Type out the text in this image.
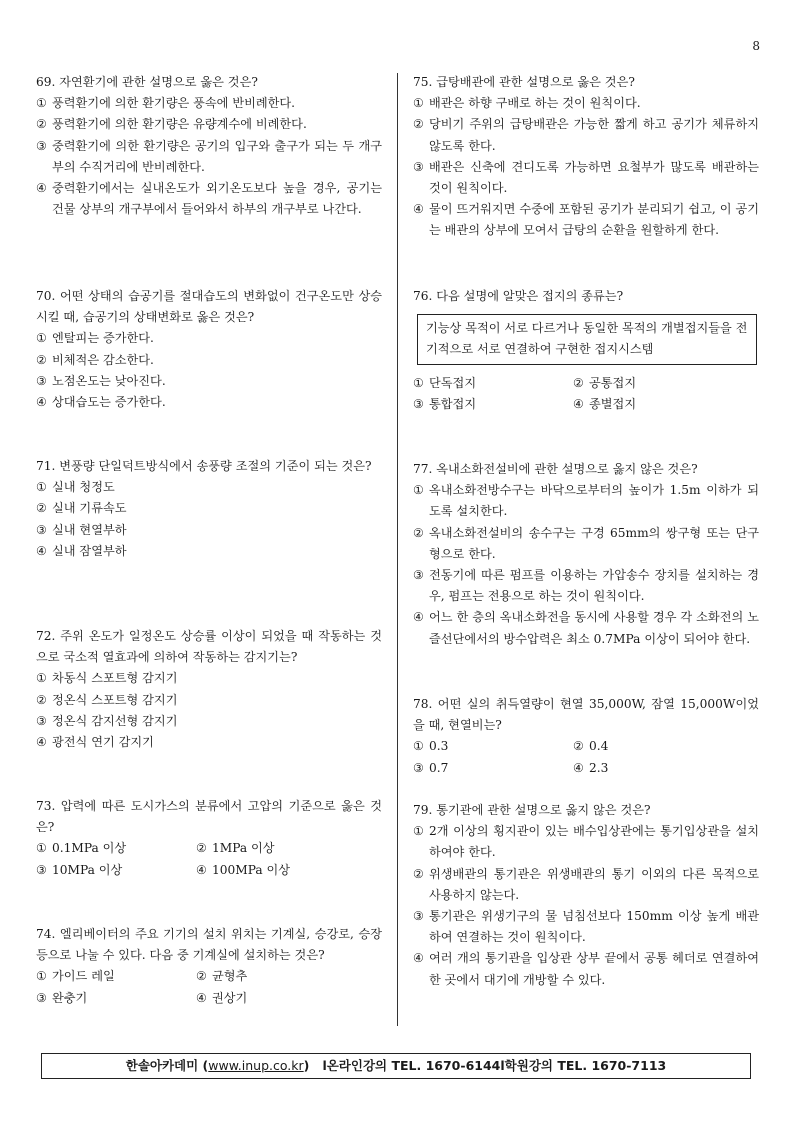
8
69. 자연환기에 관한 설명으로 옳은 것은?
① 풍력환기에 의한 환기량은 풍속에 반비례한다.
② 풍력환기에 의한 환기량은 유량계수에 비례한다.
③ 중력환기에 의한 환기량은 공기의 입구와 출구가 되는 두 개구부의 수직거리에 반비례한다.
④ 중력환기에서는 실내온도가 외기온도보다 높을 경우, 공기는 건물 상부의 개구부에서 들어와서 하부의 개구부로 나간다.
70. 어떤 상태의 습공기를 절대습도의 변화없이 건구온도만 상승시킬 때, 습공기의 상태변화로 옳은 것은?
① 엔탈피는 증가한다.
② 비체적은 감소한다.
③ 노점온도는 낮아진다.
④ 상대습도는 증가한다.
71. 변풍량 단일덕트방식에서 송풍량 조절의 기준이 되는 것은?
① 실내 청정도
② 실내 기류속도
③ 실내 현열부하
④ 실내 잠열부하
72. 주위 온도가 일정온도 상승률 이상이 되었을 때 작동하는 것으로 국소적 열효과에 의하여 작동하는 감지기는?
① 차동식 스포트형 감지기
② 정온식 스포트형 감지기
③ 정온식 감지선형 감지기
④ 광전식 연기 감지기
73. 압력에 따른 도시가스의 분류에서 고압의 기준으로 옳은 것은?
① 0.1MPa 이상	② 1MPa 이상
③ 10MPa 이상	④ 100MPa 이상
74. 엘리베이터의 주요 기기의 설치 위치는 기계실, 승강로, 승장 등으로 나눌 수 있다. 다음 중 기계실에 설치하는 것은?
① 가이드 레일	② 균형추
③ 완충기	④ 권상기
75. 급탕배관에 관한 설명으로 옳은 것은?
① 배관은 하향 구배로 하는 것이 원칙이다.
② 당비기 주위의 급탕배관은 가능한 짧게 하고 공기가 체류하지 않도록 한다.
③ 배관은 신축에 견디도록 가능하면 요철부가 많도록 배관하는 것이 원칙이다.
④ 물이 뜨거워지면 수중에 포함된 공기가 분리되기 쉽고, 이 공기는 배관의 상부에 모여서 급탕의 순환을 원할하게 한다.
76. 다음 설명에 알맞은 접지의 종류는?
기능상 목적이 서로 다르거나 동일한 목적의 개별접지들을 전기적으로 서로 연결하여 구현한 접지시스템
① 단독접지	② 공통접지
③ 통합접지	④ 종별접지
77. 옥내소화전설비에 관한 설명으로 옳지 않은 것은?
① 옥내소화전방수구는 바닥으로부터의 높이가 1.5m 이하가 되도록 설치한다.
② 옥내소화전설비의 송수구는 구경 65mm의 쌍구형 또는 단구형으로 한다.
③ 전동기에 따른 펌프를 이용하는 가압송수 장치를 설치하는 경우, 펌프는 전용으로 하는 것이 원칙이다.
④ 어느 한 층의 옥내소화전을 동시에 사용할 경우 각 소화전의 노즐선단에서의 방수압력은 최소 0.7MPa 이상이 되어야 한다.
78. 어떤 실의 취득열량이 현열 35,000W, 잠열 15,000W이었을 때, 현열비는?
① 0.3	② 0.4
③ 0.7	④ 2.3
79. 통기관에 관한 설명으로 옳지 않은 것은?
① 2개 이상의 횡지관이 있는 배수입상관에는 통기입상관을 설치하여야 한다.
② 위생배관의 통기관은 위생배관의 통기 이외의 다른 목적으로 사용하지 않는다.
③ 통기관은 위생기구의 물 넘침선보다 150mm 이상 높게 배관하여 연결하는 것이 원칙이다.
④ 여러 개의 통기관을 입상관 상부 끝에서 공통 헤더로 연결하여 한 곳에서 대기에 개방할 수 있다.
한솔아카데미 ( www.inup.co.kr ) l 온라인강의 TEL. 1670-6144 l 학원강의 TEL. 1670-7113
